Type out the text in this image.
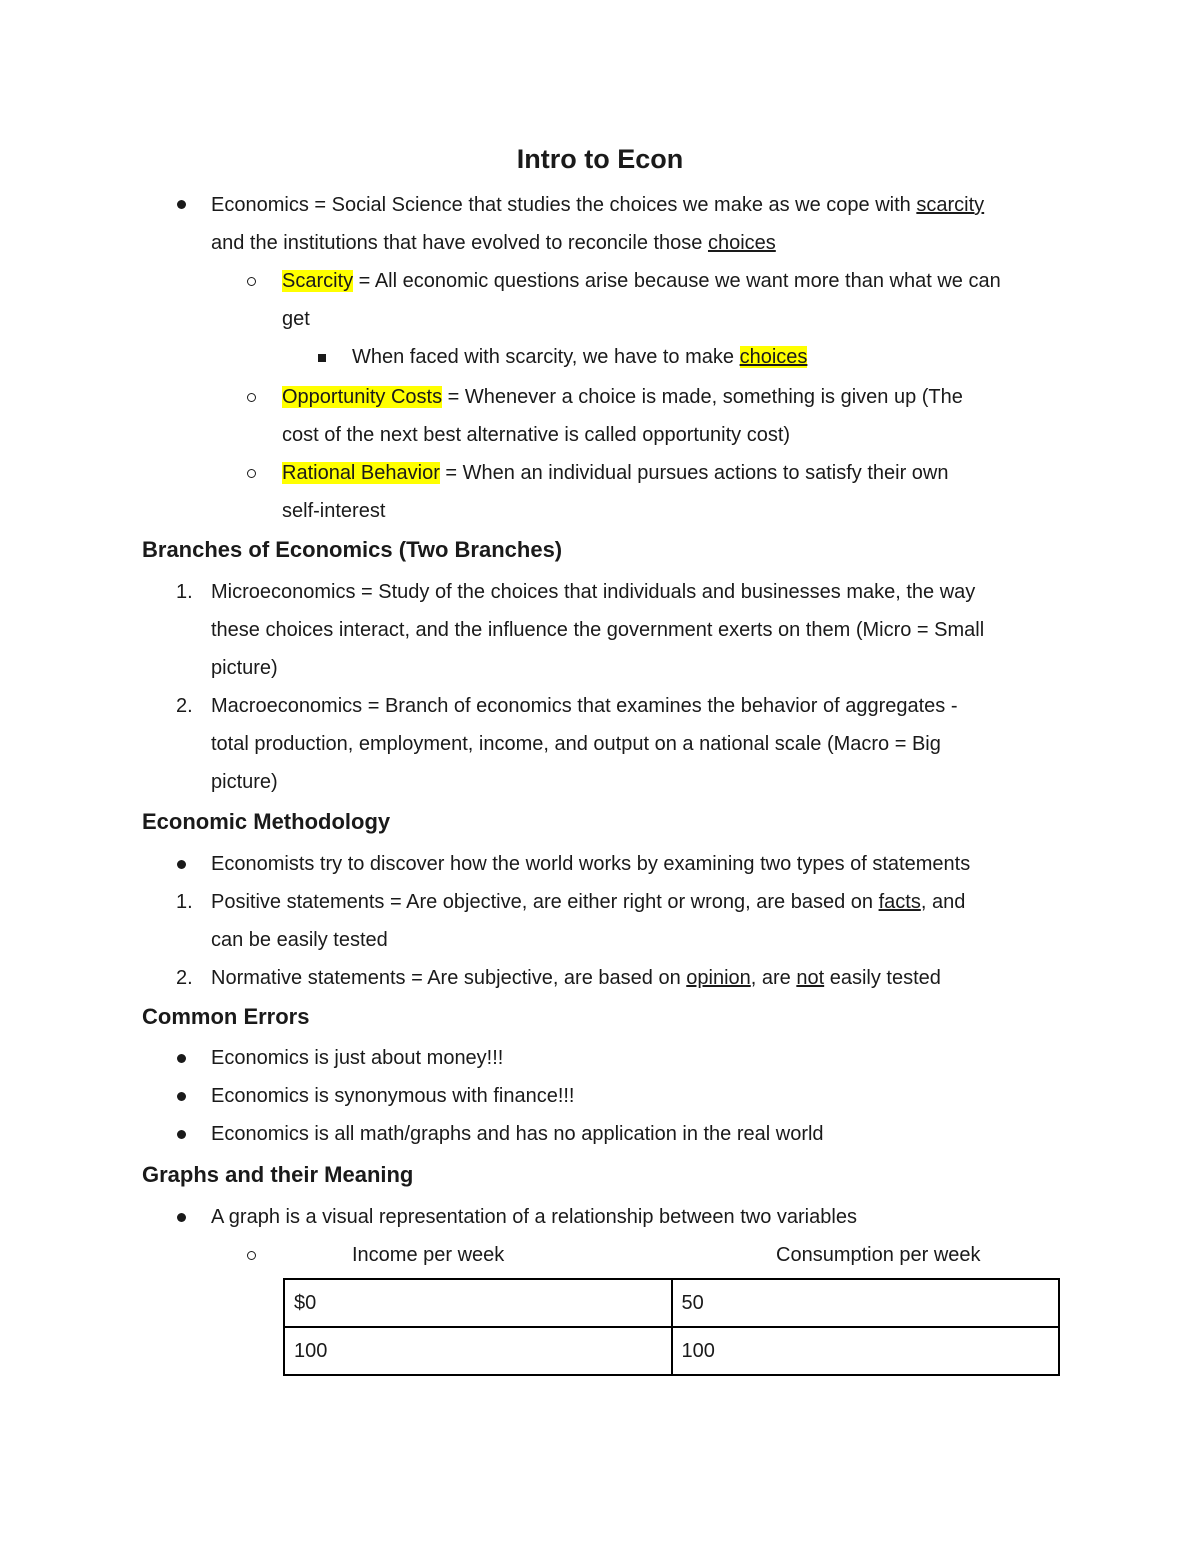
Intro to Econ
Economics = Social Science that studies the choices we make as we cope with scarcity
and the institutions that have evolved to reconcile those choices
Scarcity = All economic questions arise because we want more than what we can
get
When faced with scarcity, we have to make choices
Opportunity Costs = Whenever a choice is made, something is given up (The
cost of the next best alternative is called opportunity cost)
Rational Behavior = When an individual pursues actions to satisfy their own
self-interest
Branches of Economics (Two Branches)
1. Microeconomics = Study of the choices that individuals and businesses make, the way
these choices interact, and the influence the government exerts on them (Micro = Small
picture)
2. Macroeconomics = Branch of economics that examines the behavior of aggregates -
total production, employment, income, and output on a national scale (Macro = Big
picture)
Economic Methodology
Economists try to discover how the world works by examining two types of statements
1. Positive statements = Are objective, are either right or wrong, are based on facts, and
can be easily tested
2. Normative statements = Are subjective, are based on opinion, are not easily tested
Common Errors
Economics is just about money!!!
Economics is synonymous with finance!!!
Economics is all math/graphs and has no application in the real world
Graphs and their Meaning
A graph is a visual representation of a relationship between two variables
Income per week	Consumption per week
$0	50
100	100
